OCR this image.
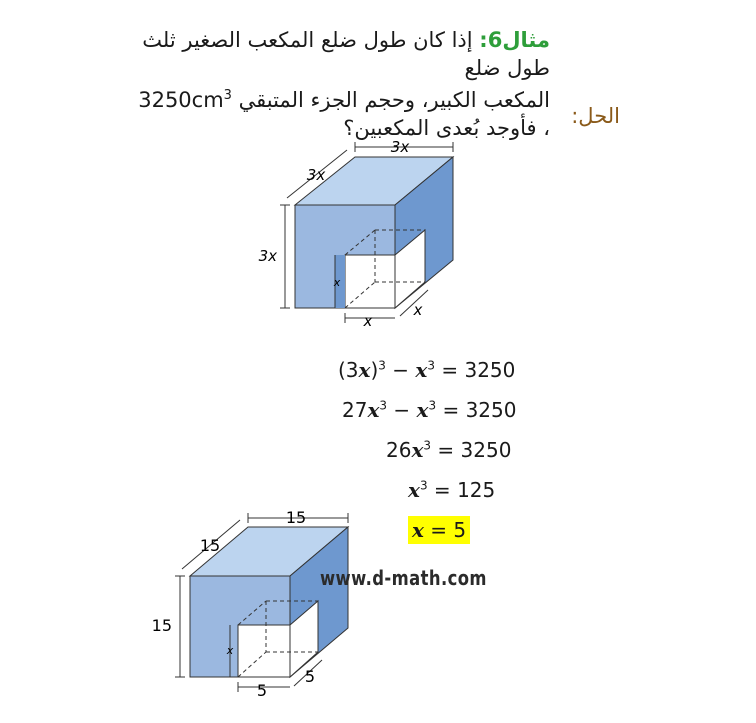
مثال6: إذا كان طول ضلع المكعب الصغير ثلث طول ضلع
المكعب الكبير، وحجم الجزء المتبقي $3250cm^3$
، فأوجد بُعدى المكعبين؟ الحل:
3x
3x
3x
x
x
x
$(3x)^3 - x^3 = 3250$
$27x^3 - x^3 = 3250$
$26x^3 = 3250$
$x^3 = 125$
x = 5
15
15
15
x
5
5
www.d-math.com
